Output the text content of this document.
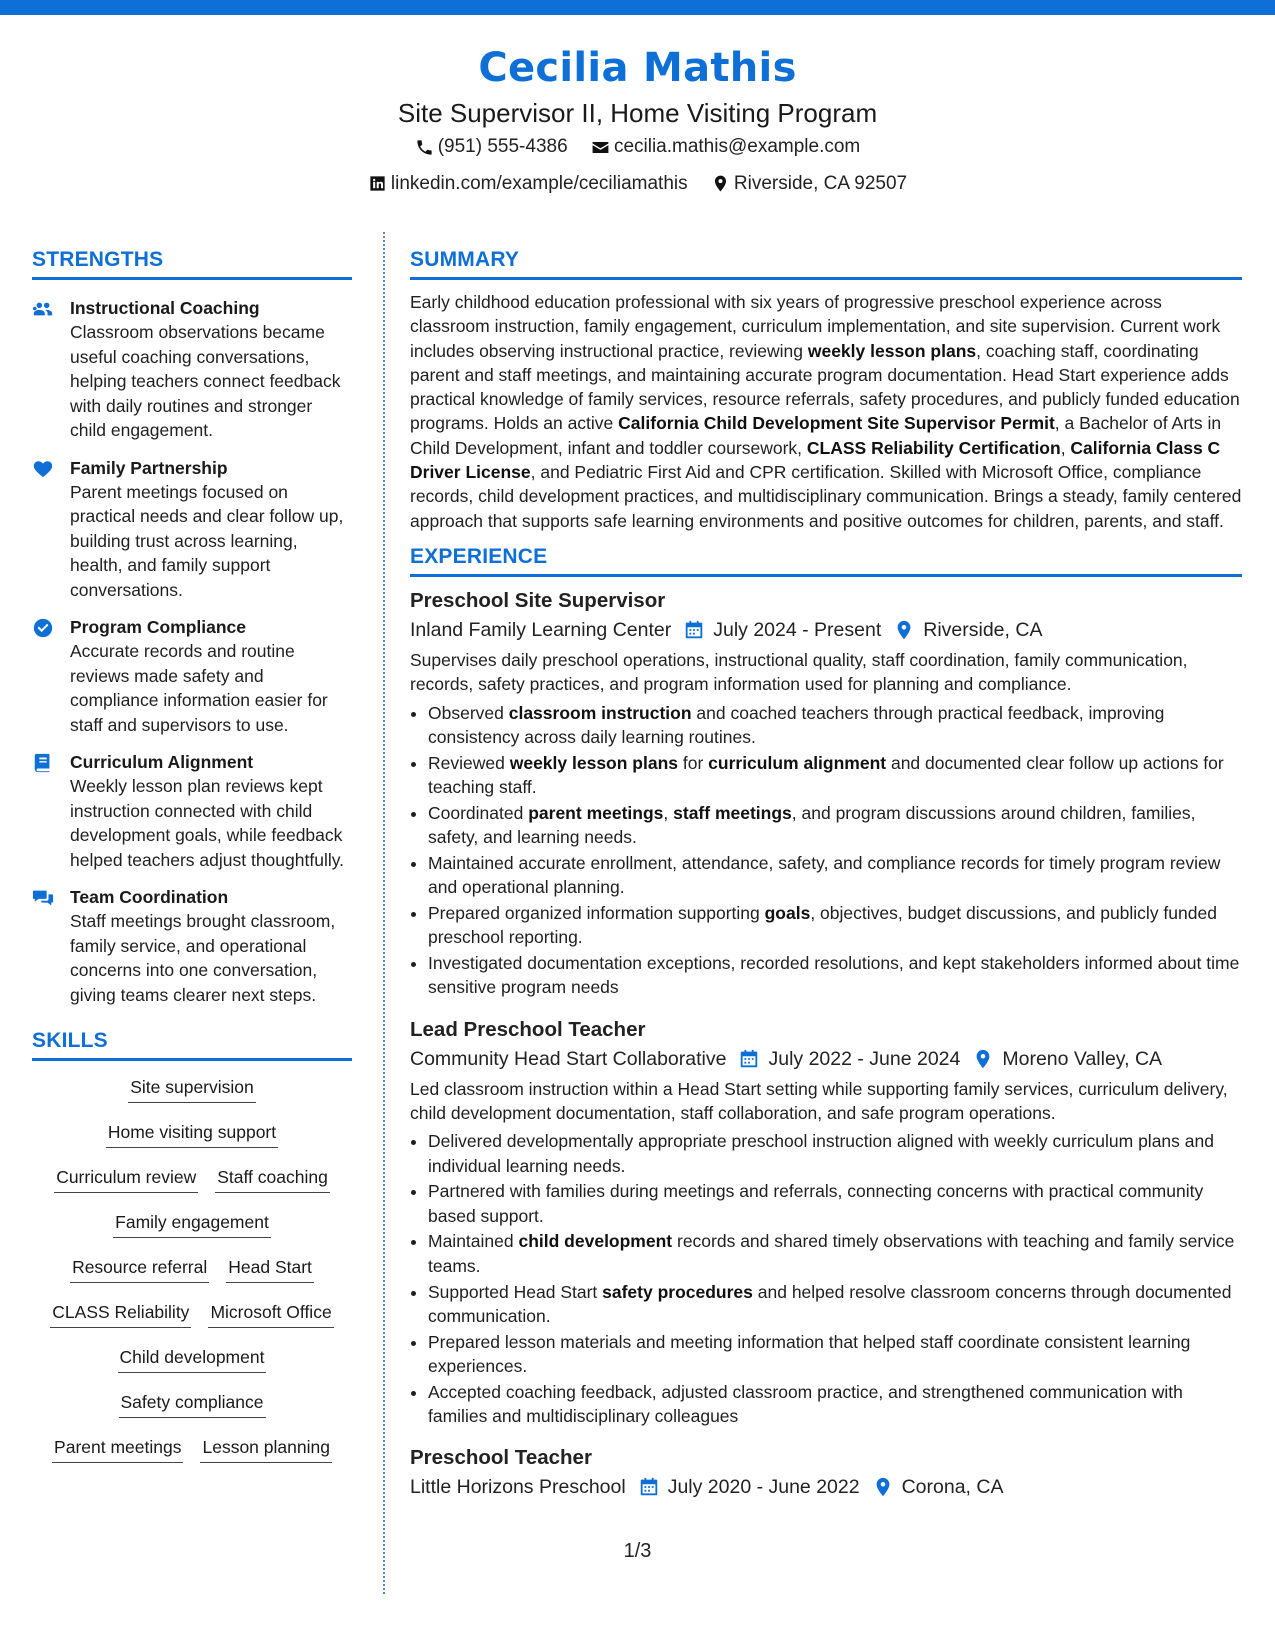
Cecilia Mathis
Site Supervisor II, Home Visiting Program
(951) 555-4386
cecilia.mathis@example.com
linkedin.com/example/ceciliamathis
Riverside, CA 92507
STRENGTHS
Instructional Coaching
Classroom observations became useful coaching conversations, helping teachers connect feedback with daily routines and stronger child engagement.
Family Partnership
Parent meetings focused on practical needs and clear follow up, building trust across learning, health, and family support conversations.
Program Compliance
Accurate records and routine reviews made safety and compliance information easier for staff and supervisors to use.
Curriculum Alignment
Weekly lesson plan reviews kept instruction connected with child development goals, while feedback helped teachers adjust thoughtfully.
Team Coordination
Staff meetings brought classroom, family service, and operational concerns into one conversation, giving teams clearer next steps.
SKILLS
Site supervision
Home visiting support
Curriculum review Staff coaching
Family engagement
Resource referral Head Start
CLASS Reliability Microsoft Office
Child development
Safety compliance
Parent meetings Lesson planning
SUMMARY
Early childhood education professional with six years of progressive preschool experience across classroom instruction, family engagement, curriculum implementation, and site supervision. Current work includes observing instructional practice, reviewing weekly lesson plans, coaching staff, coordinating parent and staff meetings, and maintaining accurate program documentation. Head Start experience adds practical knowledge of family services, resource referrals, safety procedures, and publicly funded education programs. Holds an active California Child Development Site Supervisor Permit, a Bachelor of Arts in Child Development, infant and toddler coursework, CLASS Reliability Certification, California Class C Driver License, and Pediatric First Aid and CPR certification. Skilled with Microsoft Office, compliance records, child development practices, and multidisciplinary communication. Brings a steady, family centered approach that supports safe learning environments and positive outcomes for children, parents, and staff.
EXPERIENCE
Preschool Site Supervisor
Inland Family Learning Center July 2024 - Present Riverside, CA
Supervises daily preschool operations, instructional quality, staff coordination, family communication, records, safety practices, and program information used for planning and compliance.
• Observed classroom instruction and coached teachers through practical feedback, improving consistency across daily learning routines.
• Reviewed weekly lesson plans for curriculum alignment and documented clear follow up actions for teaching staff.
• Coordinated parent meetings, staff meetings, and program discussions around children, families, safety, and learning needs.
• Maintained accurate enrollment, attendance, safety, and compliance records for timely program review and operational planning.
• Prepared organized information supporting goals, objectives, budget discussions, and publicly funded preschool reporting.
• Investigated documentation exceptions, recorded resolutions, and kept stakeholders informed about time sensitive program needs
Lead Preschool Teacher
Community Head Start Collaborative July 2022 - June 2024 Moreno Valley, CA
Led classroom instruction within a Head Start setting while supporting family services, curriculum delivery, child development documentation, staff collaboration, and safe program operations.
• Delivered developmentally appropriate preschool instruction aligned with weekly curriculum plans and individual learning needs.
• Partnered with families during meetings and referrals, connecting concerns with practical community based support.
• Maintained child development records and shared timely observations with teaching and family service teams.
• Supported Head Start safety procedures and helped resolve classroom concerns through documented communication.
• Prepared lesson materials and meeting information that helped staff coordinate consistent learning experiences.
• Accepted coaching feedback, adjusted classroom practice, and strengthened communication with families and multidisciplinary colleagues
Preschool Teacher
Little Horizons Preschool July 2020 - June 2022 Corona, CA
1/3
